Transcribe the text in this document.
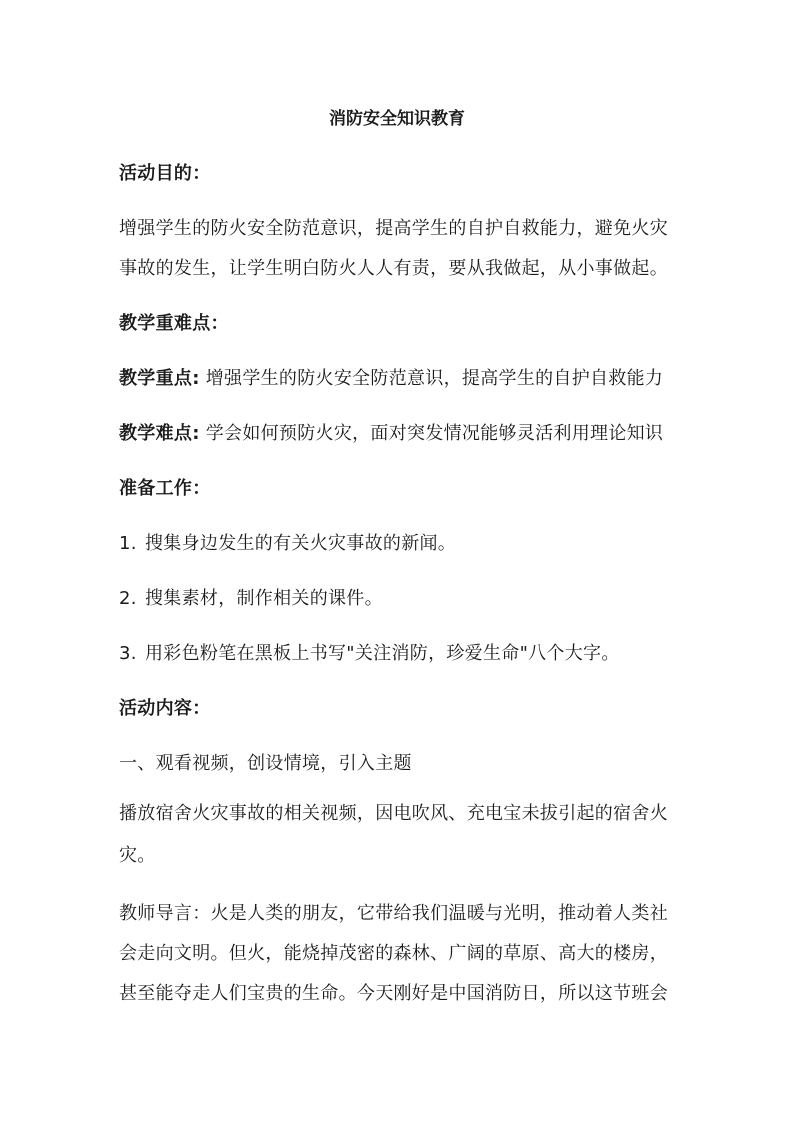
消防安全知识教育
活动目的：
增强学生的防火安全防范意识，提高学生的自护自救能力，避免火灾
事故的发生，让学生明白防火人人有责，要从我做起，从小事做起。
教学重难点：
教学重点: 增强学生的防火安全防范意识，提高学生的自护自救能力
教学难点: 学会如何预防火灾，面对突发情况能够灵活利用理论知识
准备工作：
1. 搜集身边发生的有关火灾事故的新闻。
2. 搜集素材，制作相关的课件。
3. 用彩色粉笔在黑板上书写"关注消防，珍爱生命"八个大字。
活动内容：
一、观看视频，创设情境，引入主题
播放宿舍火灾事故的相关视频，因电吹风、充电宝未拔引起的宿舍火
灾。
教师导言：火是人类的朋友，它带给我们温暖与光明，推动着人类社
会走向文明。但火，能烧掉茂密的森林、广阔的草原、高大的楼房，
甚至能夺走人们宝贵的生命。今天刚好是中国消防日，所以这节班会
